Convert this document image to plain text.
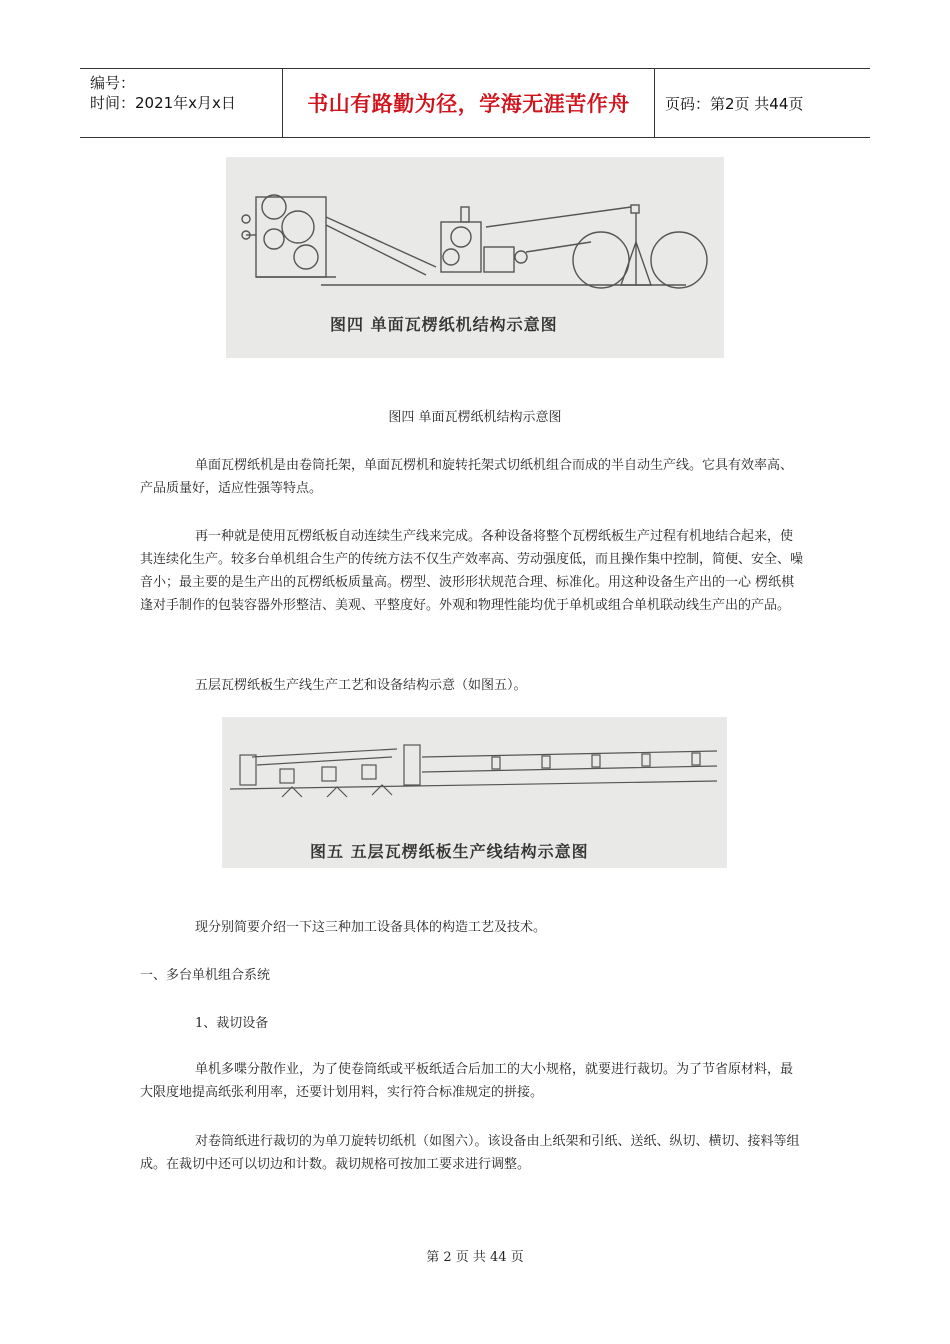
编号：
时间：2021年x月x日	书山有路勤为径，学海无涯苦作舟 页码：第2页 共44页
图四 单面瓦楞纸机结构示意图
图四 单面瓦楞纸机结构示意图

单面瓦楞纸机是由卷筒托架，单面瓦楞机和旋转托架式切纸机组合而成的半自动生产线。它具有效率高、产品质量好，适应性强等特点。

再一种就是使用瓦楞纸板自动连续生产线来完成。各种设备将整个瓦楞纸板生产过程有机地结合起来，使其连续化生产。较多台单机组合生产的传统方法不仅生产效率高、劳动强度低，而且操作集中控制，简便、安全、噪音小；最主要的是生产出的瓦楞纸板质量高。楞型、波形形状规范合理、标准化。用这种设备生产出的一心 楞纸棋逢对手制作的包装容器外形整洁、美观、平整度好。外观和物理性能均优于单机或组合单机联动线生产出的产品。

五层瓦楞纸板生产线生产工艺和设备结构示意（如图五）。

图五 五层瓦楞纸板生产线结构示意图

现分别简要介绍一下这三种加工设备具体的构造工艺及技术。

一、多台单机组合系统

1、裁切设备

单机多喋分散作业，为了使卷筒纸或平板纸适合后加工的大小规格，就要进行裁切。为了节省原材料，最大限度地提高纸张利用率，还要计划用料，实行符合标准规定的拼接。

对卷筒纸进行裁切的为单刀旋转切纸机（如图六）。该设备由上纸架和引纸、送纸、纵切、横切、接料等组成。在裁切中还可以切边和计数。裁切规格可按加工要求进行调整。

第 2 页 共 44 页
